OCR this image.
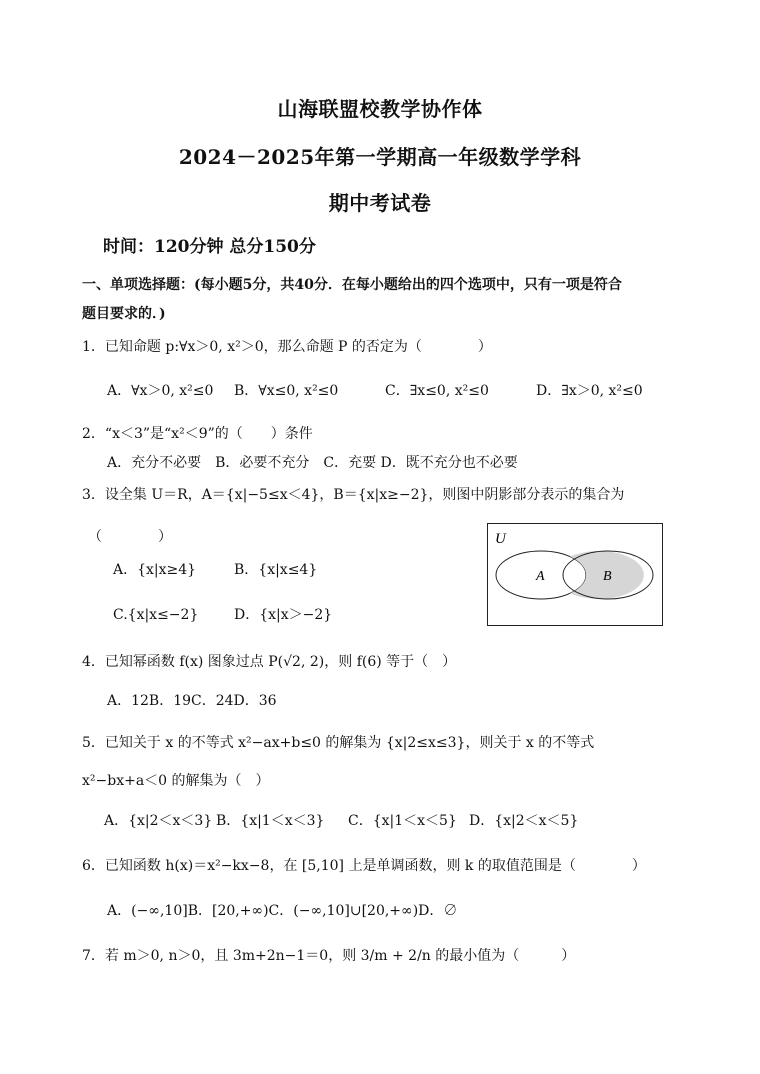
山海联盟校教学协作体
2024－2025年第一学期高一年级数学学科
期中考试卷
时间：120分钟 总分150分
一、单项选择题：(每小题5分，共40分．在每小题给出的四个选项中，只有一项是符合
题目要求的．)
1．已知命题 p:∀x＞0, x²＞0，那么命题 P 的否定为（　　　　）
A．∀x＞0, x²≤0 B．∀x≤0, x²≤0	C．∃x≤0, x²≤0	D．∃x＞0, x²≤0
2．“x＜3”是“x²＜9”的（　　）条件
A．充分不必要　B．必要不充分　C．充要 D．既不充分也不必要
3．设全集 U＝R，A＝{x|−5≤x＜4}，B＝{x|x≥−2}，则图中阴影部分表示的集合为
（　　　　）
A．{x|x≥4}	B．{x|x≤4}
C.{x|x≤−2}	D．{x|x＞−2}
U
A	B
4．已知幂函数 f(x) 图象过点 P(√2, 2)，则 f(6) 等于（　）
A．12B．19C．24D．36
5．已知关于 x 的不等式 x²−ax+b≤0 的解集为 {x|2≤x≤3}，则关于 x 的不等式
x²−bx+a＜0 的解集为（　）
A．{x|2＜x＜3} B．{x|1＜x＜3} C．{x|1＜x＜5} D．{x|2＜x＜5}
6．已知函数 h(x)＝x²−kx−8，在 [5,10] 上是单调函数，则 k 的取值范围是（　　　　）
A．(−∞,10]B．[20,+∞)C．(−∞,10]∪[20,+∞)D．∅
7．若 m＞0, n＞0，且 3m+2n−1＝0，则 3/m + 2/n 的最小值为（　　　）
